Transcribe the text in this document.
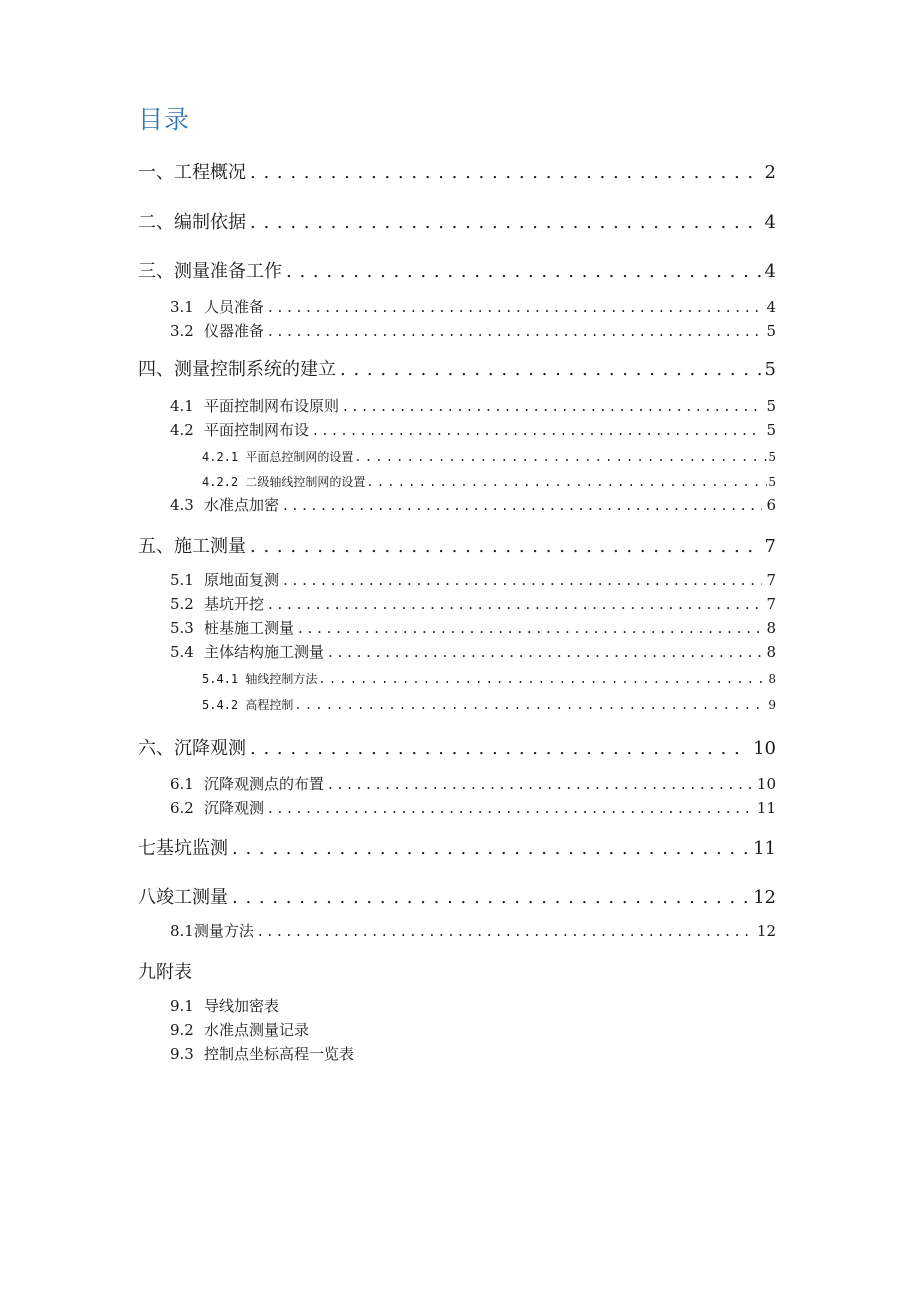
目录
一、工程概况 . . .	2
二、编制依据 . . .	4
三、测量准备工作 . . .	4
3.1 人员准备 . . .	4
3.2 仪器准备 . . .	5
四、测量控制系统的建立 . . .	5
4.1 平面控制网布设原则 . . .	5
4.2 平面控制网布设 . . .	5
4.2.1 平面总控制网的设置 . . .	5
4.2.2 二级轴线控制网的设置 . . .	5
4.3 水准点加密 . . .	6
五、施工测量 . . .	7
5.1 原地面复测 . . .	7
5.2 基坑开挖 . . .	7
5.3 桩基施工测量 . . .	8
5.4 主体结构施工测量 . . .	8
5.4.1 轴线控制方法 . . .	8
5.4.2 高程控制 . . .	9
六、沉降观测 . . .	10
6.1 沉降观测点的布置 . . .	10
6.2 沉降观测 . . .	11
七基坑监测 . . .	11
八竣工测量 . . .	12
8.1测量方法 . . .	12
九附表
9.1 导线加密表
9.2 水准点测量记录
9.3 控制点坐标高程一览表
